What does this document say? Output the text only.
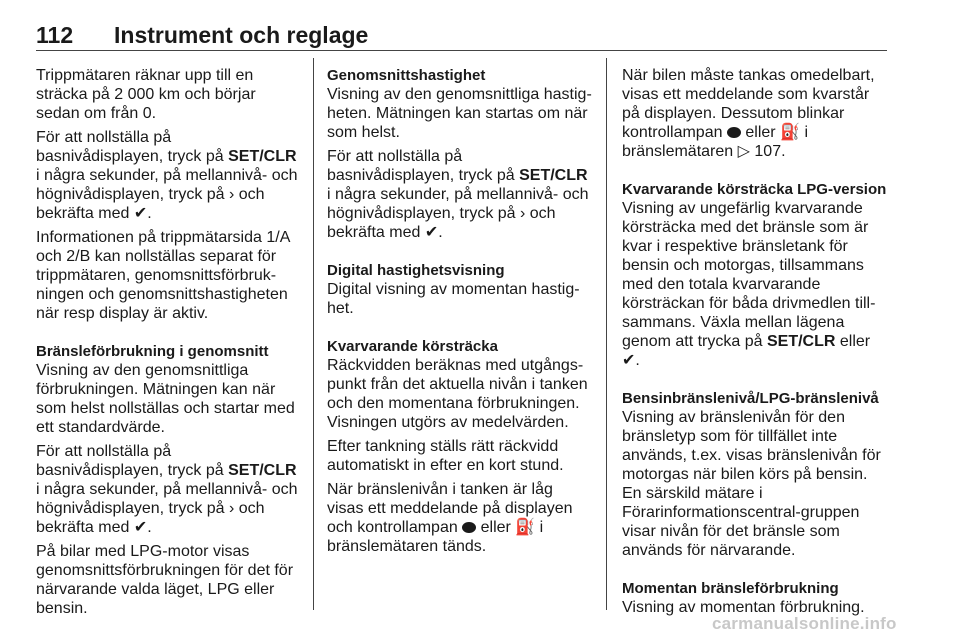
112 Instrument och reglage

Trippmätaren räknar upp till en sträcka på 2 000 km och börjar sedan om från 0.

För att nollställa på basnivådisplayen, tryck på SET/CLR i några sekunder, på mellannivå- och högnivådisplayen, tryck på › och bekräfta med ✔.

Informationen på trippmätarsida 1/A och 2/B kan nollställas separat för trippmätaren, genomsnittsförbrukningen och genomsnittshastigheten när resp display är aktiv.

Bränsleförbrukning i genomsnitt

Visning av den genomsnittliga förbrukningen. Mätningen kan när som helst nollställas och startar med ett standardvärde.

För att nollställa på basnivådisplayen, tryck på SET/CLR i några sekunder, på mellannivå- och högnivådisplayen, tryck på › och bekräfta med ✔.

På bilar med LPG-motor visas genomsnittsförbrukningen för det för närvarande valda läget, LPG eller bensin.

Genomsnittshastighet

Visning av den genomsnittliga hastigheten. Mätningen kan startas om när som helst.

För att nollställa på basnivådisplayen, tryck på SET/CLR i några sekunder, på mellannivå- och högnivådisplayen, tryck på › och bekräfta med ✔.

Digital hastighetsvisning

Digital visning av momentan hastighet.

Kvarvarande körsträcka

Räckvidden beräknas med utgångspunkt från det aktuella nivån i tanken och den momentana förbrukningen. Visningen utgörs av medelvärden.

Efter tankning ställs rätt räckvidd automatiskt in efter en kort stund.

När bränslenivån i tanken är låg visas ett meddelande på displayen och kontrollampan  eller ⛽ i bränslemätaren tänds.

När bilen måste tankas omedelbart, visas ett meddelande som kvarstår på displayen. Dessutom blinkar kontrollampan  eller ⛽ i bränslemätaren ▷ 107.

Kvarvarande körsträcka LPG-version

Visning av ungefärlig kvarvarande körsträcka med det bränsle som är kvar i respektive bränsletank för bensin och motorgas, tillsammans med den totala kvarvarande körsträckan för båda drivmedlen tillsammans. Växla mellan lägena genom att trycka på SET/CLR eller ✔.

Bensinbränslenivå/LPG-bränslenivå

Visning av bränslenivån för den bränsletyp som för tillfället inte används, t.ex. visas bränslenivån för motorgas när bilen körs på bensin. En särskild mätare i Förarinformationscentral-gruppen visar nivån för det bränsle som används för närvarande.

Momentan bränsleförbrukning

Visning av momentan förbrukning.

carmanualsonline.info
